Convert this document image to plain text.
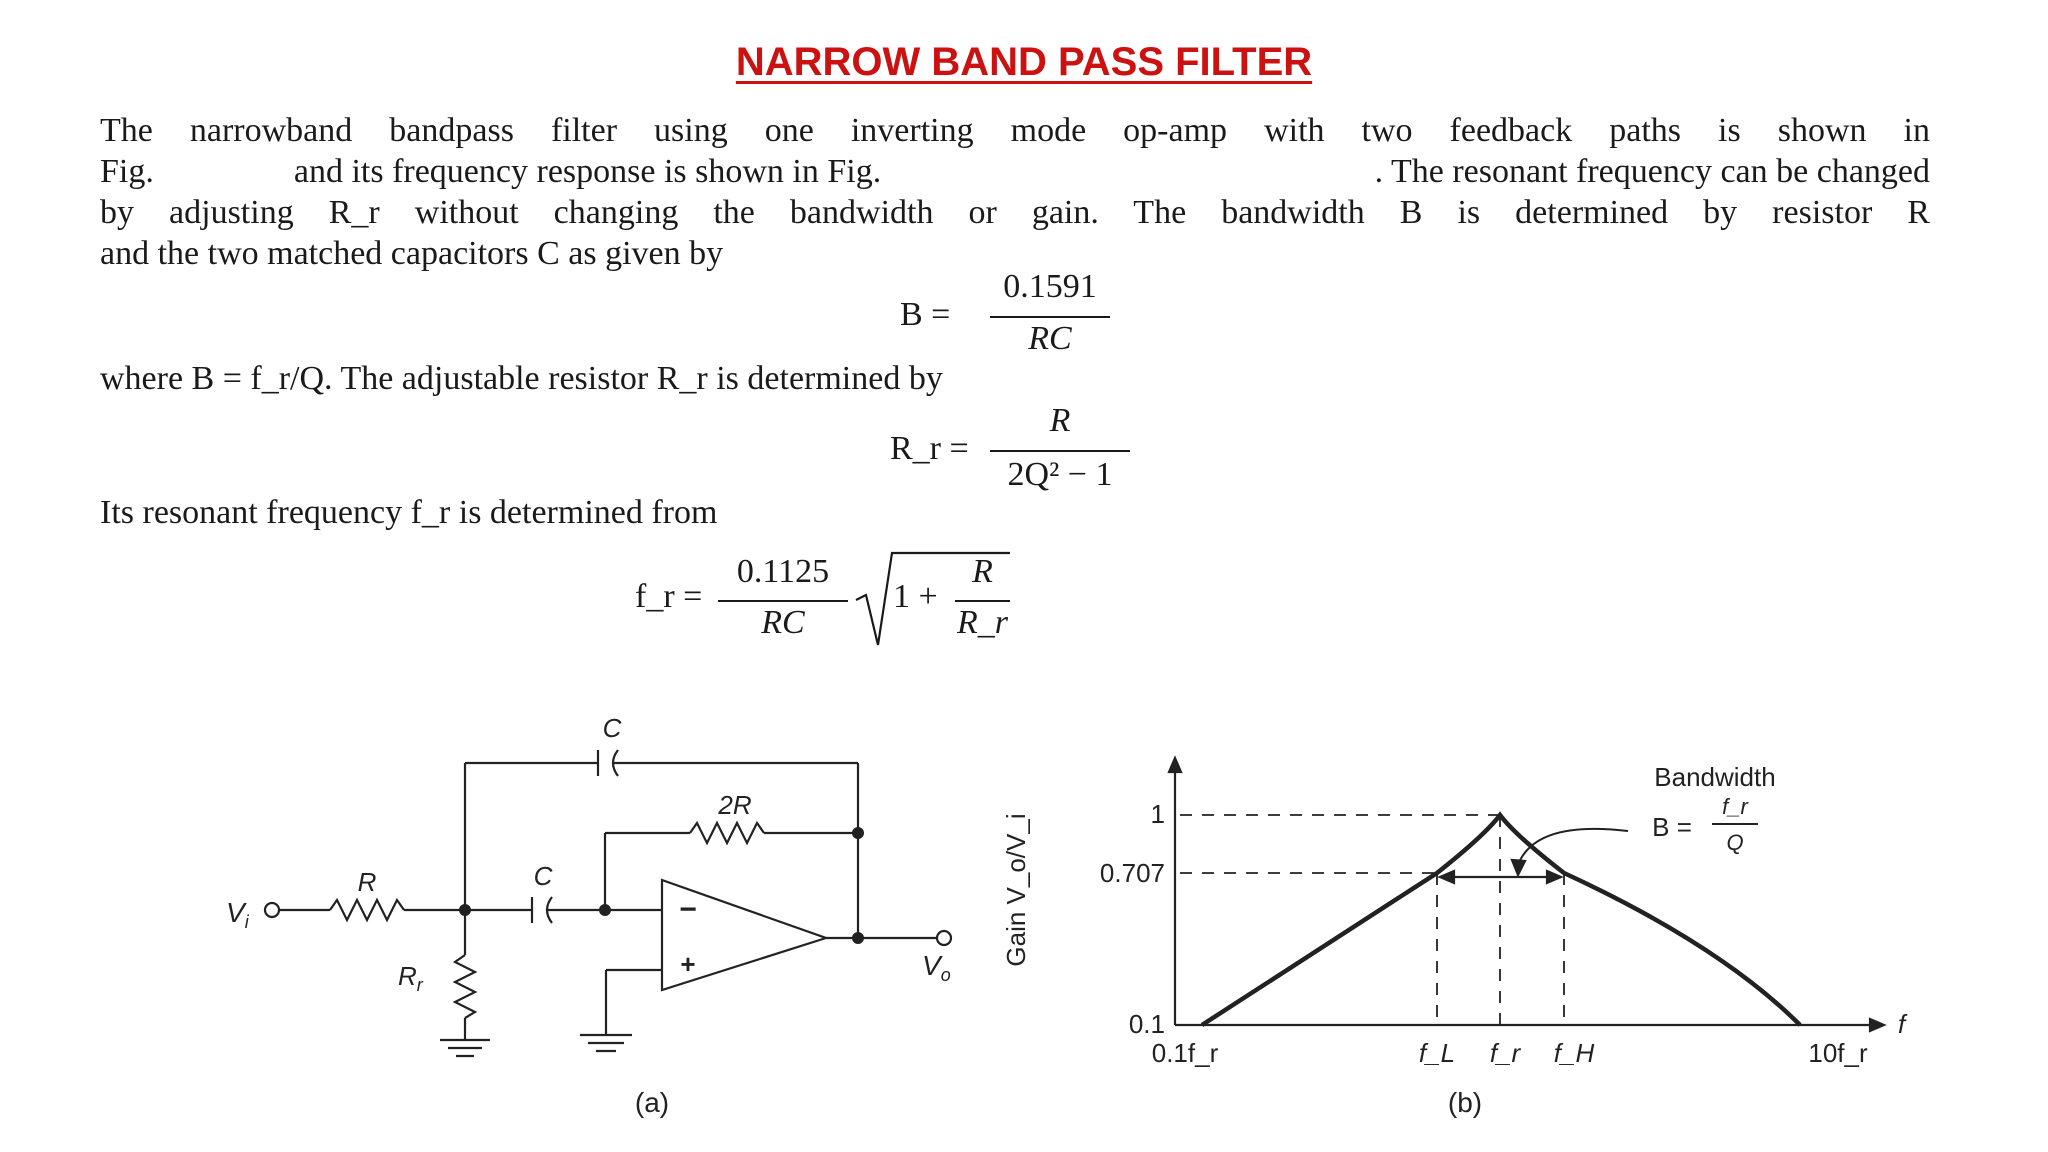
NARROW BAND PASS FILTER
The narrowband bandpass filter using one inverting mode op-amp with two feedback paths is shown in
Fig.	and its frequency response is shown in Fig.	. The resonant frequency can be changed
by adjusting R_r without changing the bandwidth or gain. The bandwidth B is determined by resistor R
and the two matched capacitors C as given by
B =
0.1591
RC
where B = f_r/Q. The adjustable resistor R_r is determined by
R_r =
R
2Q² − 1
Its resonant frequency f_r is determined from
f_r =
0.1125
RC
1 +
R
R_r
C
2R
C
R
$R_r$
$V_i$
$V_o$
−
+
(a)
1
0.707
0.1
Gain V_o/V_i
0.1f_r	f_L f_r f_H	10f_r
f
Bandwidth
B =
f_r
Q
(b)
